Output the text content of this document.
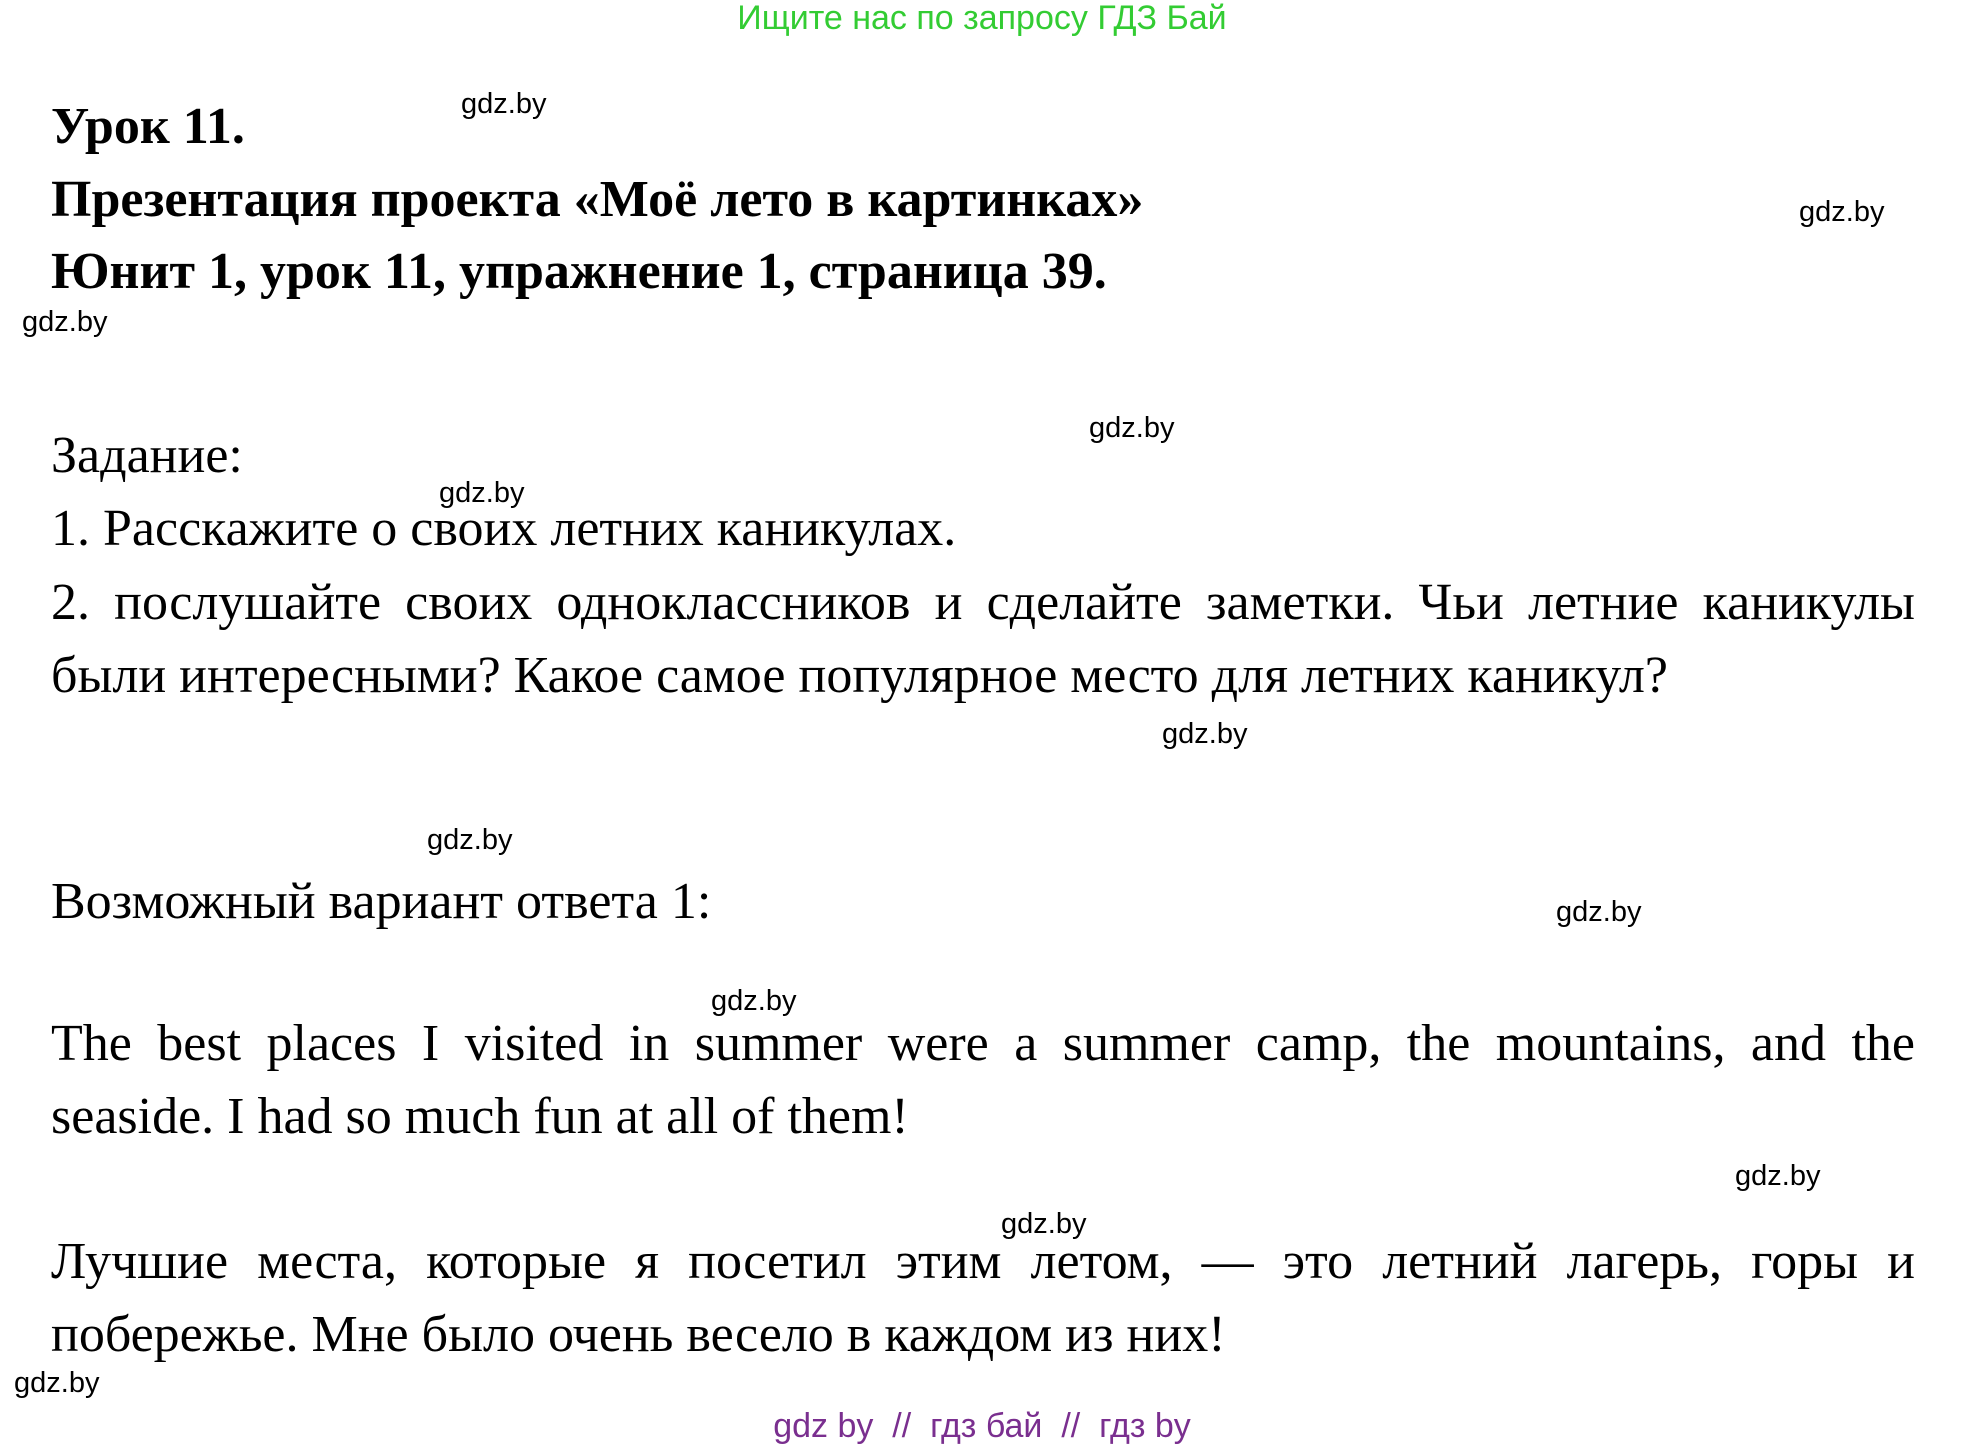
Ищите нас по запросу ГДЗ Бай
Урок 11.
Презентация проекта «Моё лето в картинках»
Юнит 1, урок 11, упражнение 1, страница 39.
Задание:
1. Расскажите о своих летних каникулах.
2. послушайте своих одноклассников и сделайте заметки. Чьи летние каникулы были интересными? Какое самое популярное место для летних каникул?
Возможный вариант ответа 1:
The best places I visited in summer were a summer camp, the mountains, and the seaside. I had so much fun at all of them!
Лучшие места, которые я посетил этим летом, — это летний лагерь, горы и побережье. Мне было очень весело в каждом из них!
gdz.by
gdz.by
gdz.by
gdz.by
gdz.by
gdz.by
gdz.by
gdz.by
gdz.by
gdz.by
gdz.by
gdz.by
gdz by  //  гдз бай  //  гдз by
